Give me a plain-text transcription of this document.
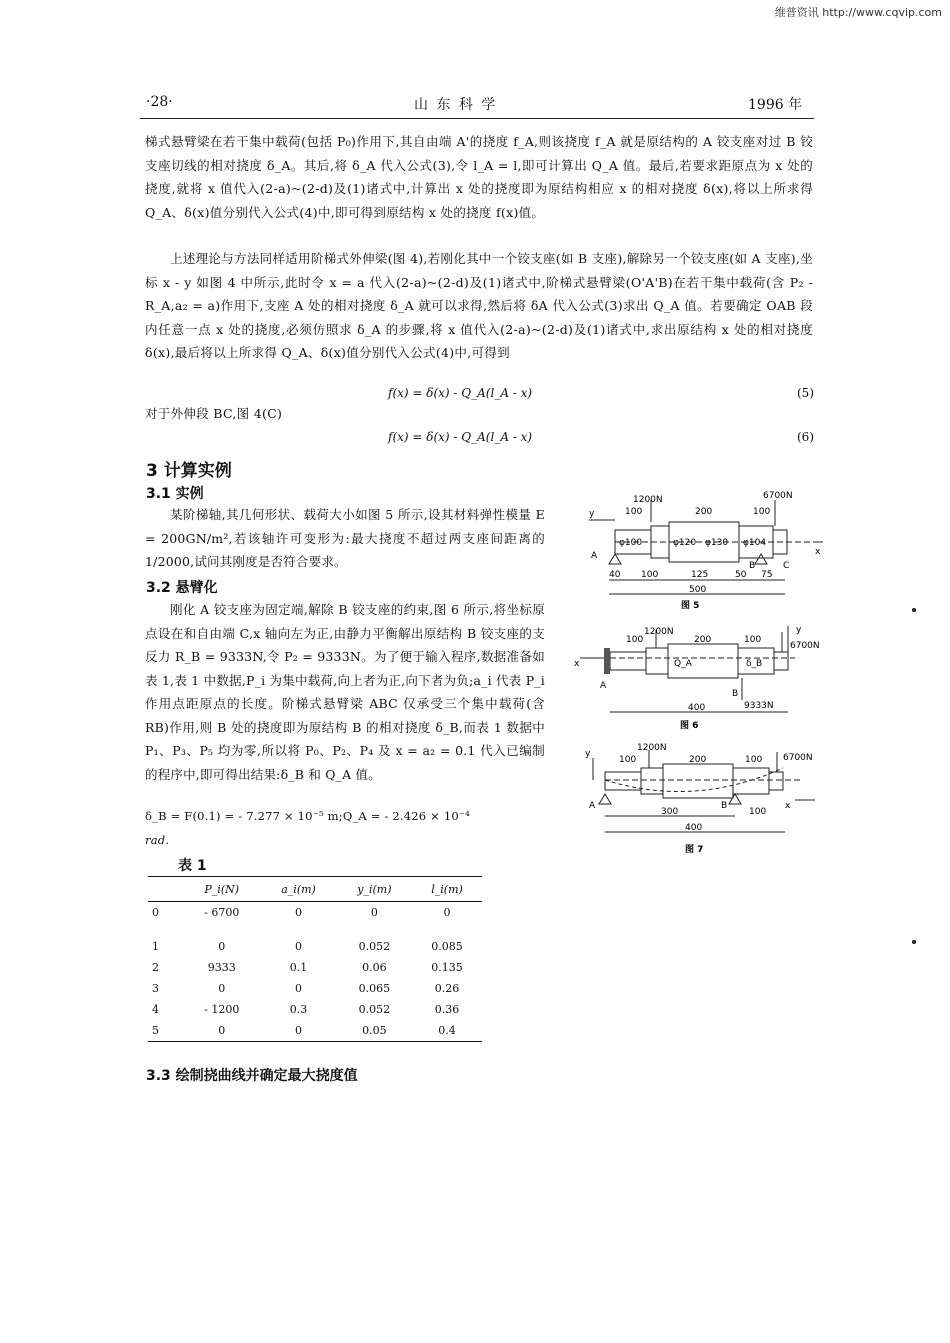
维普资讯 http://www.cqvip.com
·28·	山 东 科 学	1996 年
梯式悬臂梁在若干集中载荷(包括 P₀)作用下,其自由端 A'的挠度 f_A,则该挠度 f_A 就是原结构的 A 铰支座对过 B 铰支座切线的相对挠度 δ_A。其后,将 δ_A 代入公式(3),令 l_A = l,即可计算出 Q_A 值。最后,若要求距原点为 x 处的挠度,就将 x 值代入(2-a)~(2-d)及(1)诸式中,计算出 x 处的挠度即为原结构相应 x 的相对挠度 δ(x),将以上所求得 Q_A、δ(x)值分别代入公式(4)中,即可得到原结构 x 处的挠度 f(x)值。
上述理论与方法同样适用阶梯式外伸梁(图 4),若刚化其中一个铰支座(如 B 支座),解除另一个铰支座(如 A 支座),坐标 x - y 如图 4 中所示,此时令 x = a 代入(2-a)~(2-d)及(1)诸式中,阶梯式悬臂梁(O'A'B)在若干集中载荷(含 P₂ - R_A,a₂ = a)作用下,支座 A 处的相对挠度 δ_A 就可以求得,然后将 δA 代入公式(3)求出 Q_A 值。若要确定 OAB 段内任意一点 x 处的挠度,必须仿照求 δ_A 的步骤,将 x 值代入(2-a)~(2-d)及(1)诸式中,求出原结构 x 处的相对挠度 δ(x),最后将以上所求得 Q_A、δ(x)值分别代入公式(4)中,可得到
f(x) = δ(x) - Q_A(l_A - x)	(5)
对于外伸段 BC,图 4(C)
f(x) = δ(x) - Q_A(l_A - x)	(6)
3 计算实例
3.1 实例
某阶梯轴,其几何形状、载荷大小如图 5 所示,设其材料弹性模量 E = 200GN/m²,若该轴许可变形为:最大挠度不超过两支座间距离的 1/2000,试问其刚度是否符合要求。
3.2 悬臂化
刚化 A 铰支座为固定端,解除 B 铰支座的约束,图 6 所示,将坐标原点设在和自由端 C,x 轴向左为正,由静力平衡解出原结构 B 铰支座的支反力 R_B = 9333N,令 P₂ = 9333N。为了便于输入程序,数据准备如表 1,表 1 中数据,P_i 为集中载荷,向上者为正,向下者为负;a_i 代表 P_i 作用点距原点的长度。阶梯式悬臂梁 ABC 仅承受三个集中载荷(含 RB)作用,则 B 处的挠度即为原结构 B 的相对挠度 δ_B,而表 1 数据中 P₁、P₃、P₅ 均为零,所以将 P₀、P₂、P₄ 及 x = a₂ = 0.1 代入已编制的程序中,即可得出结果:δ_B 和 Q_A 值。
δ_B = F(0.1) = - 7.277 × 10⁻⁵ m;Q_A = - 2.426 × 10⁻⁴
rad.
表 1
	P_i(N)	a_i(m)	y_i(m)	l_i(m)
0	- 6700	0	0	0
1	0	0	0.052	0.085
2	9333	0.1	0.06	0.135
3	0	0	0.065	0.26
4	- 1200	0.3	0.052	0.36
5	0	0	0.05	0.4
3.3 绘制挠曲线并确定最大挠度值
1200N	6700N
100	200	100
φ100	φ120 φ130 φ104
40 100	125	50 75
500
y
A
B	C
x
图 5
100
1200N
200	100
6700N
9333N
400
x
A
B
y
Q_A	δ_B
图 6
100
1200N
200	100 6700N
300	100
400
y
A	B	x
图 7
